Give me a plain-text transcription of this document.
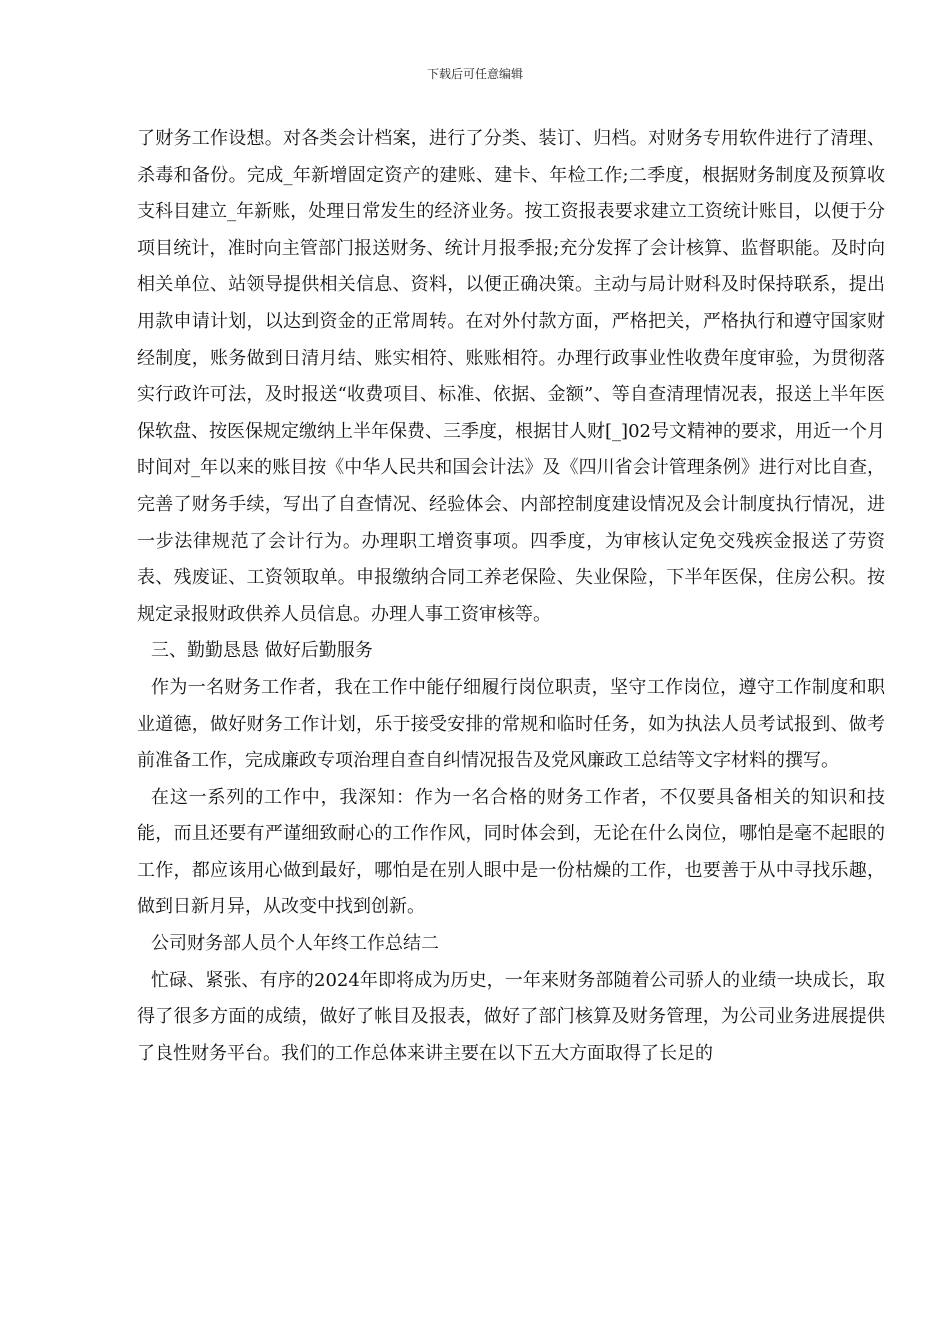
下载后可任意编辑

了财务工作设想。对各类会计档案，进行了分类、装订、归档。对财务专用软件进行了清理、杀毒和备份。完成_年新增固定资产的建账、建卡、年检工作;二季度，根据财务制度及预算收支科目建立_年新账，处理日常发生的经济业务。按工资报表要求建立工资统计账目，以便于分项目统计，准时向主管部门报送财务、统计月报季报;充分发挥了会计核算、监督职能。及时向相关单位、站领导提供相关信息、资料，以便正确决策。主动与局计财科及时保持联系，提出用款申请计划，以达到资金的正常周转。在对外付款方面，严格把关，严格执行和遵守国家财经制度，账务做到日清月结、账实相符、账账相符。办理行政事业性收费年度审验，为贯彻落实行政许可法，及时报送“收费项目、标准、依据、金额”、等自查清理情况表，报送上半年医保软盘、按医保规定缴纳上半年保费、三季度，根据甘人财[_]02号文精神的要求，用近一个月时间对_年以来的账目按《中华人民共和国会计法》及《四川省会计管理条例》进行对比自查，完善了财务手续，写出了自查情况、经验体会、内部控制度建设情况及会计制度执行情况，进一步法律规范了会计行为。办理职工增资事项。四季度，为审核认定免交残疾金报送了劳资表、残废证、工资领取单。申报缴纳合同工养老保险、失业保险，下半年医保，住房公积。按规定录报财政供养人员信息。办理人事工资审核等。

三、勤勤恳恳 做好后勤服务

作为一名财务工作者，我在工作中能仔细履行岗位职责，坚守工作岗位，遵守工作制度和职业道德，做好财务工作计划，乐于接受安排的常规和临时任务，如为执法人员考试报到、做考前准备工作，完成廉政专项治理自查自纠情况报告及党风廉政工总结等文字材料的撰写。

在这一系列的工作中，我深知：作为一名合格的财务工作者，不仅要具备相关的知识和技能，而且还要有严谨细致耐心的工作作风，同时体会到，无论在什么岗位，哪怕是毫不起眼的工作，都应该用心做到最好，哪怕是在别人眼中是一份枯燥的工作，也要善于从中寻找乐趣，做到日新月异，从改变中找到创新。

公司财务部人员个人年终工作总结二

忙碌、紧张、有序的2024年即将成为历史，一年来财务部随着公司骄人的业绩一块成长，取得了很多方面的成绩，做好了帐目及报表，做好了部门核算及财务管理，为公司业务进展提供了良性财务平台。我们的工作总体来讲主要在以下五大方面取得了长足的
